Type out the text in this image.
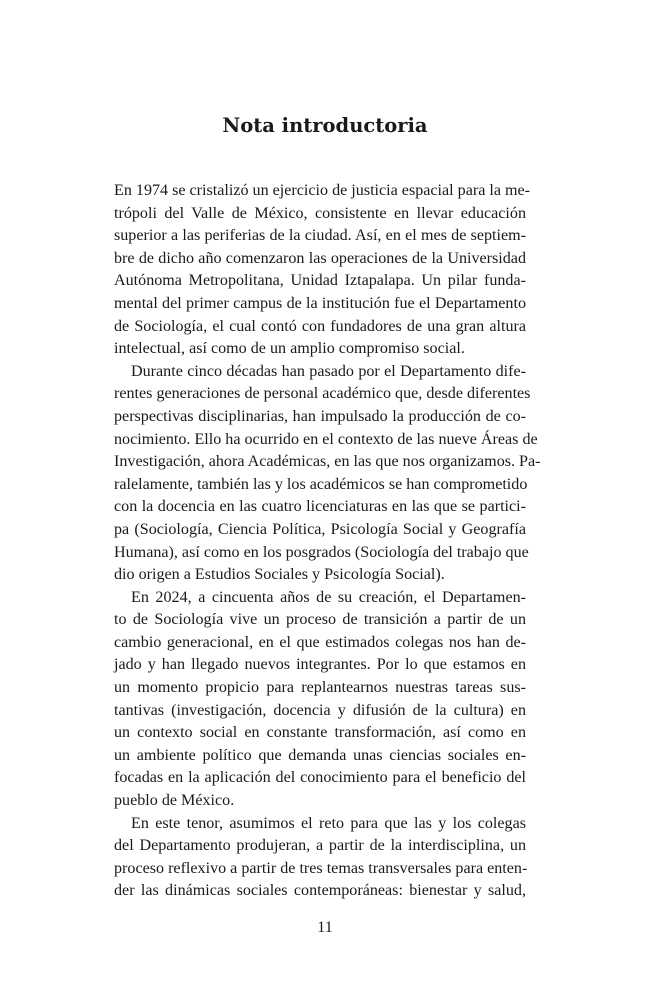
Nota introductoria
En 1974 se cristalizó un ejercicio de justicia espacial para la me-
trópoli del Valle de México, consistente en llevar educación
superior a las periferias de la ciudad. Así, en el mes de septiem-
bre de dicho año comenzaron las operaciones de la Universidad
Autónoma Metropolitana, Unidad Iztapalapa. Un pilar funda-
mental del primer campus de la institución fue el Departamento
de Sociología, el cual contó con fundadores de una gran altura
intelectual, así como de un amplio compromiso social.
Durante cinco décadas han pasado por el Departamento dife-
rentes generaciones de personal académico que, desde diferentes
perspectivas disciplinarias, han impulsado la producción de co-
nocimiento. Ello ha ocurrido en el contexto de las nueve Áreas de
Investigación, ahora Académicas, en las que nos organizamos. Pa-
ralelamente, también las y los académicos se han comprometido
con la docencia en las cuatro licenciaturas en las que se partici-
pa (Sociología, Ciencia Política, Psicología Social y Geografía
Humana), así como en los posgrados (Sociología del trabajo que
dio origen a Estudios Sociales y Psicología Social).
En 2024, a cincuenta años de su creación, el Departamen-
to de Sociología vive un proceso de transición a partir de un
cambio generacional, en el que estimados colegas nos han de-
jado y han llegado nuevos integrantes. Por lo que estamos en
un momento propicio para replantearnos nuestras tareas sus-
tantivas (investigación, docencia y difusión de la cultura) en
un contexto social en constante transformación, así como en
un ambiente político que demanda unas ciencias sociales en-
focadas en la aplicación del conocimiento para el beneficio del
pueblo de México.
En este tenor, asumimos el reto para que las y los colegas
del Departamento produjeran, a partir de la interdisciplina, un
proceso reflexivo a partir de tres temas transversales para enten-
der las dinámicas sociales contemporáneas: bienestar y salud,
11
